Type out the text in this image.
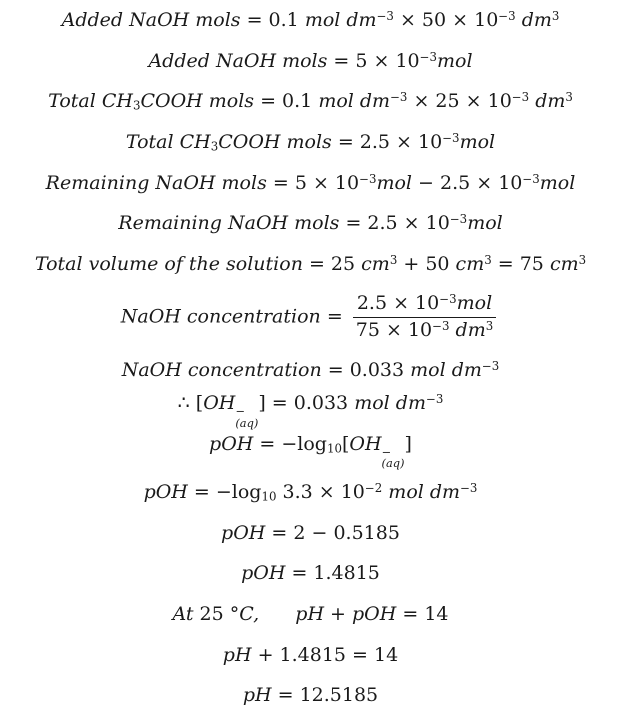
Added NaOH mols = 0.1 mol $dm^{-3} \times 50 \times 10^{-3}$ $dm^3$
Added NaOH mols = $5 \times 10^{-3}mol$
Total $CH_3COOH$ mols = 0.1 mol $dm^{-3} \times 25 \times 10^{-3}$ $dm^3$
Total $CH_3COOH$ mols = $2.5 \times 10^{-3}mol$
Remaining NaOH mols = $5 \times 10^{-3}mol - 2.5 \times 10^{-3}mol$
Remaining NaOH mols = $2.5 \times 10^{-3}mol$
Total volume of the solution = 25 $cm^3 + 50$ $cm^3 = 75$ $cm^3$
NaOH concentration = $\frac{2.5 \times 10^{-3}mol}{75 \times 10^{-3} dm^3}$
NaOH concentration = 0.033 mol $dm^{-3}$
∴ [OH −
(aq)
] = 0.033 mol $dm^{-3}$
pOH = $-\log_{10}[OH$ −
(aq)
]
pOH = $-\log_{10}$ $3.3 \times 10^{-2}$ mol $dm^{-3}$
pOH = 2 − 0.5185
pOH = 1.4815
At 25 °C, pH + pOH = 14
pH + 1.4815 = 14
pH = 12.5185
